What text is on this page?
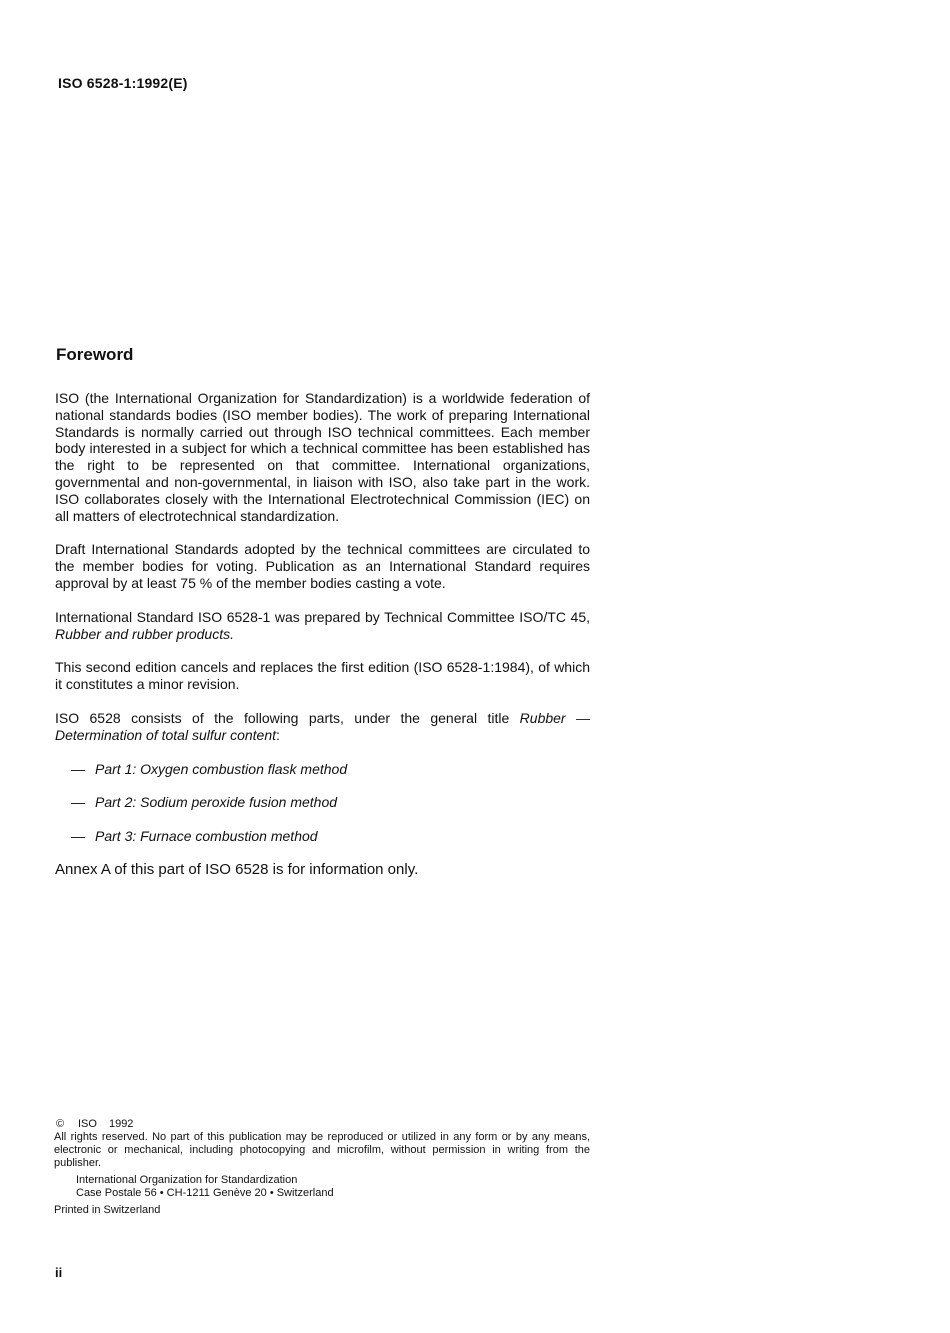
ISO 6528-1:1992(E)
Foreword

ISO (the International Organization for Standardization) is a worldwide federation of national standards bodies (ISO member bodies). The work of preparing International Standards is normally carried out through ISO technical committees. Each member body interested in a subject for which a technical committee has been established has the right to be represented on that committee. International organizations, governmental and non-governmental, in liaison with ISO, also take part in the work. ISO collaborates closely with the International Electrotechnical Commission (IEC) on all matters of electrotechnical standardization.

Draft International Standards adopted by the technical committees are circulated to the member bodies for voting. Publication as an International Standard requires approval by at least 75 % of the member bodies casting a vote.

International Standard ISO 6528-1 was prepared by Technical Committee ISO/TC 45, Rubber and rubber products.

This second edition cancels and replaces the first edition (ISO 6528-1:1984), of which it constitutes a minor revision.

ISO 6528 consists of the following parts, under the general title Rubber — Determination of total sulfur content:

— Part 1: Oxygen combustion flask method
— Part 2: Sodium peroxide fusion method
— Part 3: Furnace combustion method

Annex A of this part of ISO 6528 is for information only.

© ISO 1992

All rights reserved. No part of this publication may be reproduced or utilized in any form or by any means, electronic or mechanical, including photocopying and microfilm, without permission in writing from the publisher.

International Organization for Standardization
Case Postale 56 • CH-1211 Genève 20 • Switzerland
Printed in Switzerland
ii
